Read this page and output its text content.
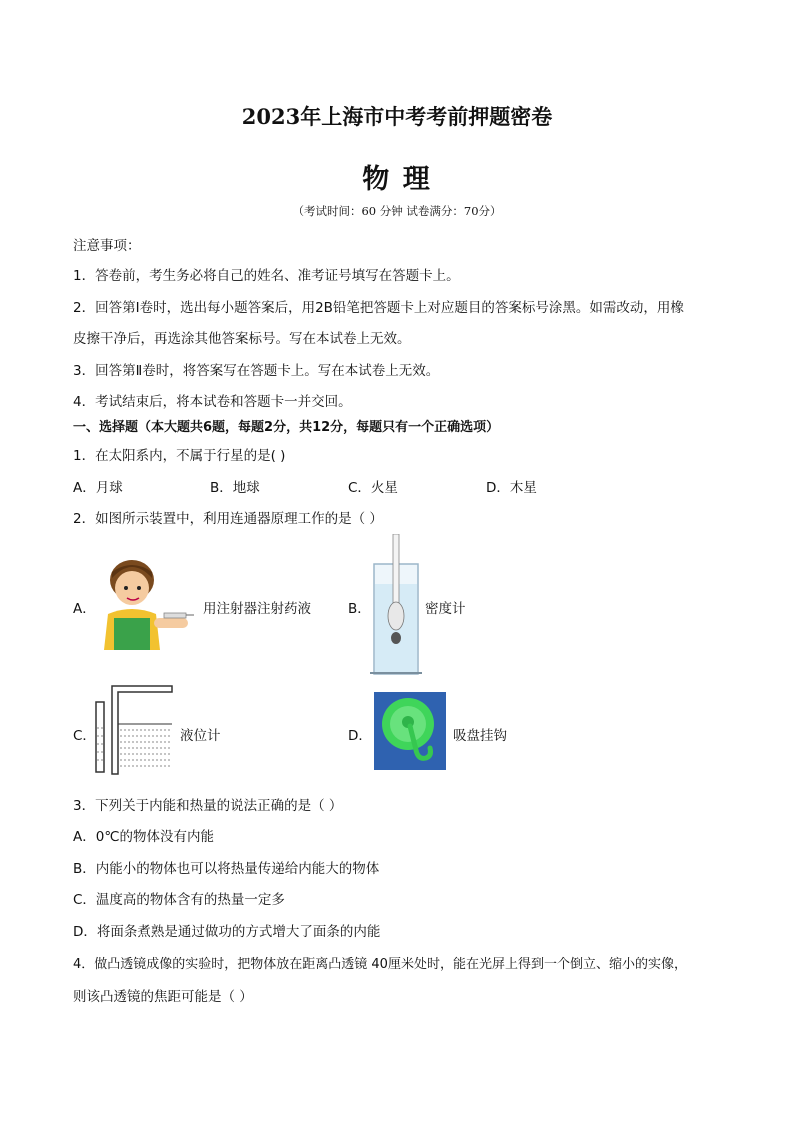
2023年上海市中考考前押题密卷
物 理
（考试时间：60 分钟 试卷满分：70分）
注意事项：
1．答卷前，考生务必将自己的姓名、准考证号填写在答题卡上。
2．回答第Ⅰ卷时，选出每小题答案后，用2B铅笔把答题卡上对应题目的答案标号涂黑。如需改动，用橡
皮擦干净后，再选涂其他答案标号。写在本试卷上无效。
3．回答第Ⅱ卷时，将答案写在答题卡上。写在本试卷上无效。
4．考试结束后，将本试卷和答题卡一并交回。
一、选择题（本大题共6题，每题2分，共12分，每题只有一个正确选项）
1．在太阳系内，不属于行星的是( )
A．月球	B．地球	C．火星	D．木星
2．如图所示装置中，利用连通器原理工作的是（ ）
A．	用注射器注射药液	B．	密度计
C．	液位计	D．	吸盘挂钩
3．下列关于内能和热量的说法正确的是（ ）
A．0℃的物体没有内能
B．内能小的物体也可以将热量传递给内能大的物体
C．温度高的物体含有的热量一定多
D．将面条煮熟是通过做功的方式增大了面条的内能
4．做凸透镜成像的实验时，把物体放在距离凸透镜 40厘米处时，能在光屏上得到一个倒立、缩小的实像，
则该凸透镜的焦距可能是（ ）
